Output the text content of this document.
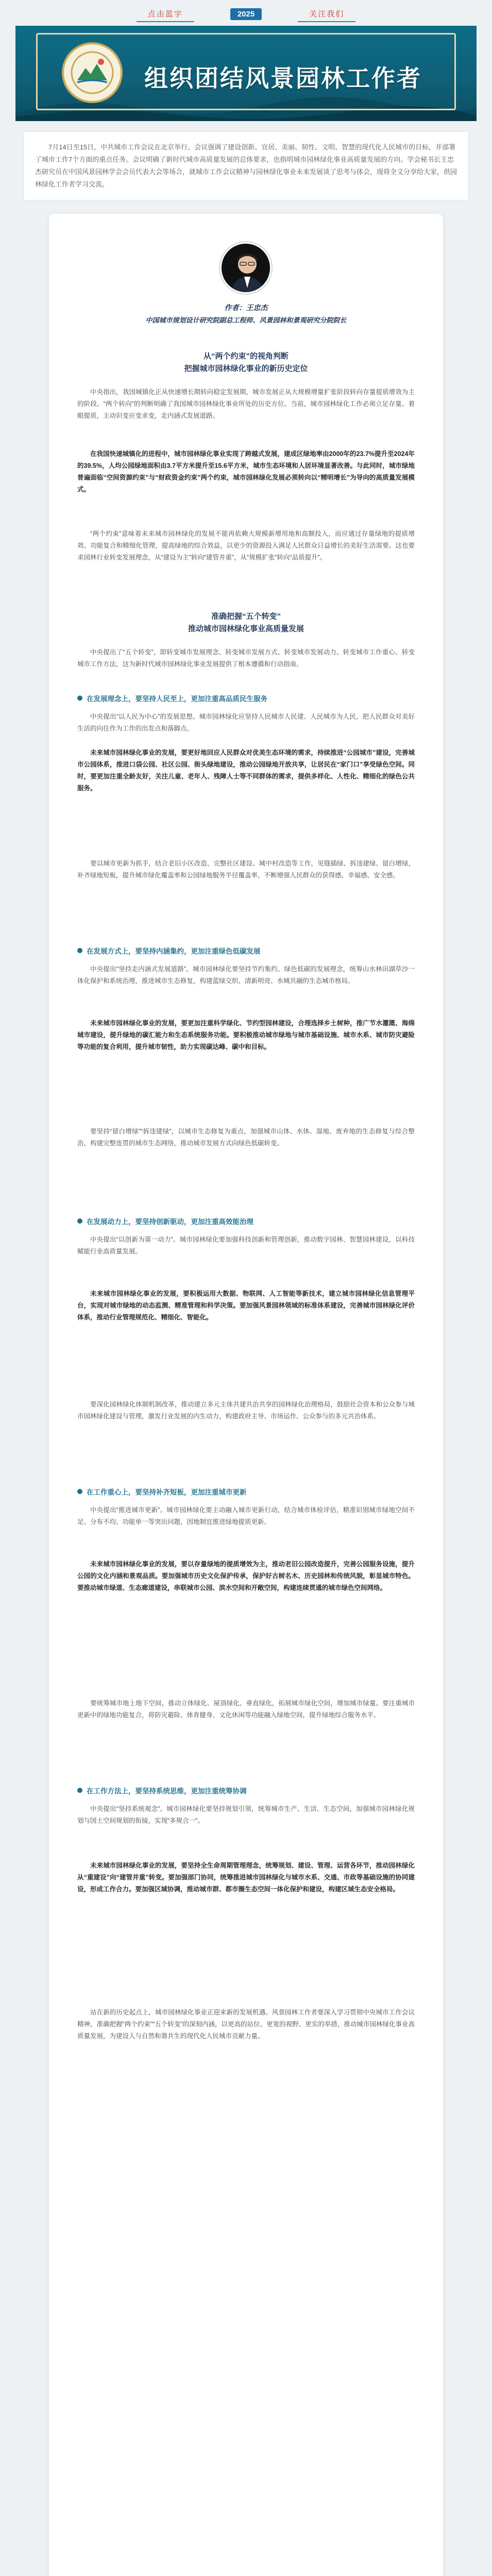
点击蓝字	2025	关注我们
组织团结风景园林工作者

7月14日至15日，中共城市工作会议在北京举行。会议强调了建设创新、宜居、美丽、韧性、文明、智慧的现代化人民城市的目标，并部署了城市工作7个方面的重点任务。会议明确了新时代城市高质量发展的总体要求，也指明城市园林绿化事业高质量发展的方向。学会秘书长王忠杰研究员在中国风景园林学会会员代表大会等场合，就城市工作会议精神与园林绿化事业未来发展谈了思考与体会，现将全文分享给大家，供园林绿化工作者学习交流。

作者：王忠杰
中国城市规划设计研究院副总工程师、风景园林和景观研究分院院长
从“两个约束”的视角判断
把握城市园林绿化事业的新历史定位
中央指出，我国城镇化正从快速增长期转向稳定发展期，城市发展正从大规模增量扩张阶段转向存量提质增效为主的阶段。“两个转向”的判断明确了我国城市园林绿化事业所处的历史方位。当前，城市园林绿化工作必须立足存量、着眼提质，主动识变应变求变，走内涵式发展道路。
在我国快速城镇化的进程中，城市园林绿化事业实现了跨越式发展，建成区绿地率由2000年的23.7%提升至2024年的39.5%，人均公园绿地面积由3.7平方米提升至15.6平方米，城市生态环境和人居环境显著改善。与此同时，城市绿地普遍面临“空间资源约束”与“财政资金约束”两个约束，城市园林绿化发展必须转向以“精明增长”为导向的高质量发展模式。
“两个约束”意味着未来城市园林绿化的发展不能再依赖大规模新增用地和高额投入，而应通过存量绿地的提质增效、功能复合和精细化管理，提高绿地的综合效益，以更少的资源投入满足人民群众日益增长的美好生活需要。这也要求园林行业转变发展理念，从“建设为主”转向“建管并重”，从“规模扩张”转向“品质提升”。
准确把握“五个转变”
推动城市园林绿化事业高质量发展
中央提出了“五个转变”，即转变城市发展理念、转变城市发展方式、转变城市发展动力、转变城市工作重心、转变城市工作方法，这为新时代城市园林绿化事业发展提供了根本遵循和行动指南。
在发展理念上，要坚持人民至上，更加注重高品质民生服务
中央提出“以人民为中心”的发展思想。城市园林绿化应坚持人民城市人民建、人民城市为人民，把人民群众对美好生活的向往作为工作的出发点和落脚点。
未来城市园林绿化事业的发展，要更好地回应人民群众对优美生态环境的需求，持续推进“公园城市”建设，完善城市公园体系，推进口袋公园、社区公园、街头绿地建设，推动公园绿地开放共享，让居民在“家门口”享受绿色空间。同时，要更加注重全龄友好，关注儿童、老年人、残障人士等不同群体的需求，提供多样化、人性化、精细化的绿色公共服务。
要以城市更新为抓手，结合老旧小区改造、完整社区建设、城中村改造等工作，见缝插绿、拆违建绿、留白增绿，补齐绿地短板，提升城市绿化覆盖率和公园绿地服务半径覆盖率，不断增强人民群众的获得感、幸福感、安全感。
在发展方式上，要坚持内涵集约，更加注重绿色低碳发展
中央提出“坚持走内涵式发展道路”。城市园林绿化要坚持节约集约、绿色低碳的发展理念，统筹山水林田湖草沙一体化保护和系统治理，推进城市生态修复，构建蓝绿交织、清新明亮、水城共融的生态城市格局。
未来城市园林绿化事业的发展，要更加注重科学绿化、节约型园林建设，合理选择乡土树种，推广节水灌溉、海绵城市建设，提升绿地的碳汇能力和生态系统服务功能。要积极推动城市绿地与城市基础设施、城市水系、城市防灾避险等功能的复合利用，提升城市韧性，助力实现碳达峰、碳中和目标。
要坚持“留白增绿”“拆违建绿”，以城市生态修复为重点，加强城市山体、水体、湿地、废弃地的生态修复与综合整治，构建完整连贯的城市生态网络，推动城市发展方式向绿色低碳转变。
在发展动力上，要坚持创新驱动，更加注重高效能治理
中央提出“以创新为第一动力”。城市园林绿化要加强科技创新和管理创新，推动数字园林、智慧园林建设，以科技赋能行业高质量发展。
未来城市园林绿化事业的发展，要积极运用大数据、物联网、人工智能等新技术，建立城市园林绿化信息管理平台，实现对城市绿地的动态监测、精准管理和科学决策。要加强风景园林领域的标准体系建设，完善城市园林绿化评价体系，推动行业管理规范化、精细化、智能化。
要深化园林绿化体制机制改革，推动建立多元主体共建共治共享的园林绿化治理格局，鼓励社会资本和公众参与城市园林绿化建设与管理，激发行业发展的内生动力，构建政府主导、市场运作、公众参与的多元共治体系。
在工作重心上，要坚持补齐短板，更加注重城市更新
中央提出“推进城市更新”。城市园林绿化要主动融入城市更新行动，结合城市体检评估，精准识别城市绿地空间不足、分布不均、功能单一等突出问题，因地制宜推进绿地提质更新。
未来城市园林绿化事业的发展，要以存量绿地的提质增效为主，推动老旧公园改造提升，完善公园服务设施，提升公园的文化内涵和景观品质。要加强城市历史文化保护传承，保护好古树名木、历史园林和传统风貌，彰显城市特色。要推动城市绿道、生态廊道建设，串联城市公园、滨水空间和开敞空间，构建连续贯通的城市绿色空间网络。
要统筹城市地上地下空间，推动立体绿化、屋顶绿化、垂直绿化，拓展城市绿化空间，增加城市绿量。要注重城市更新中的绿地功能复合，将防灾避险、体育健身、文化休闲等功能融入绿地空间，提升绿地综合服务水平。
在工作方法上，要坚持系统思维，更加注重统筹协调
中央提出“坚持系统观念”。城市园林绿化要坚持规划引领，统筹城市生产、生活、生态空间，加强城市园林绿化规划与国土空间规划的衔接，实现“多规合一”。
未来城市园林绿化事业的发展，要坚持全生命周期管理理念，统筹规划、建设、管理、运营各环节，推动园林绿化从“重建设”向“建管并重”转变。要加强部门协同，统筹推进城市园林绿化与城市水系、交通、市政等基础设施的协同建设，形成工作合力。要加强区域协调，推动城市群、都市圈生态空间一体化保护和建设，构建区域生态安全格局。
站在新的历史起点上，城市园林绿化事业正迎来新的发展机遇。风景园林工作者要深入学习贯彻中央城市工作会议精神，准确把握“两个约束”“五个转变”的深刻内涵，以更高的站位、更宽的视野、更实的举措，推动城市园林绿化事业高质量发展，为建设人与自然和谐共生的现代化人民城市贡献力量。
